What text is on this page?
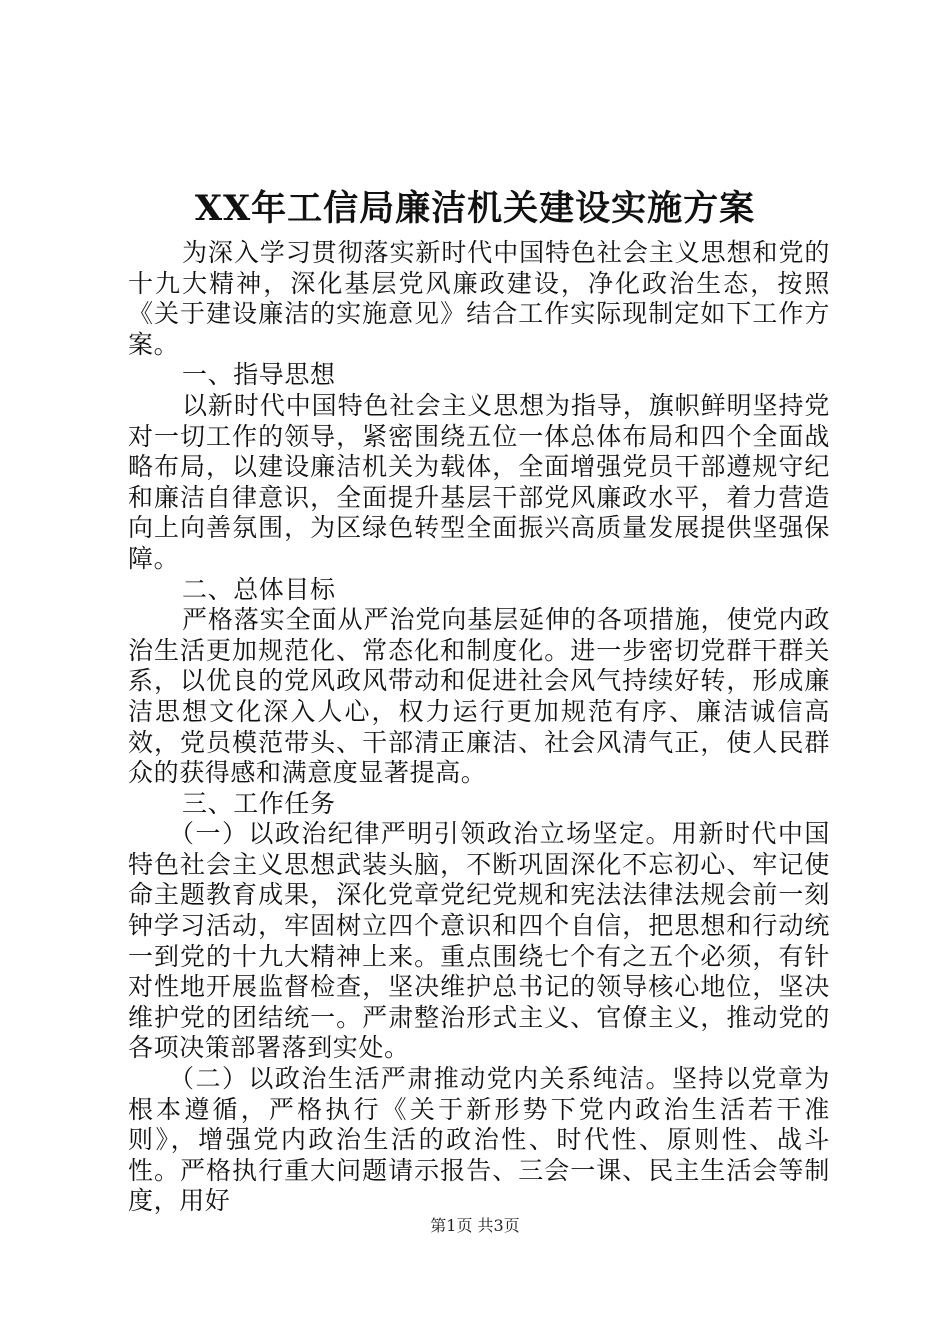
XX年工信局廉洁机关建设实施方案

为深入学习贯彻落实新时代中国特色社会主义思想和党的十九大精神，深化基层党风廉政建设，净化政治生态，按照《关于建设廉洁的实施意见》结合工作实际现制定如下工作方案。

一、指导思想

以新时代中国特色社会主义思想为指导，旗帜鲜明坚持党对一切工作的领导，紧密围绕五位一体总体布局和四个全面战略布局，以建设廉洁机关为载体，全面增强党员干部遵规守纪和廉洁自律意识，全面提升基层干部党风廉政水平，着力营造向上向善氛围，为区绿色转型全面振兴高质量发展提供坚强保障。

二、总体目标

严格落实全面从严治党向基层延伸的各项措施，使党内政治生活更加规范化、常态化和制度化。进一步密切党群干群关系，以优良的党风政风带动和促进社会风气持续好转，形成廉洁思想文化深入人心，权力运行更加规范有序、廉洁诚信高效，党员模范带头、干部清正廉洁、社会风清气正，使人民群众的获得感和满意度显著提高。

三、工作任务

（一）以政治纪律严明引领政治立场坚定。用新时代中国特色社会主义思想武装头脑，不断巩固深化不忘初心、牢记使命主题教育成果，深化党章党纪党规和宪法法律法规会前一刻钟学习活动，牢固树立四个意识和四个自信，把思想和行动统一到党的十九大精神上来。重点围绕七个有之五个必须，有针对性地开展监督检查，坚决维护总书记的领导核心地位，坚决维护党的团结统一。严肃整治形式主义、官僚主义，推动党的各项决策部署落到实处。

（二）以政治生活严肃推动党内关系纯洁。坚持以党章为根本遵循，严格执行《关于新形势下党内政治生活若干准则》，增强党内政治生活的政治性、时代性、原则性、战斗性。严格执行重大问题请示报告、三会一课、民主生活会等制度，用好

第1页 共3页
